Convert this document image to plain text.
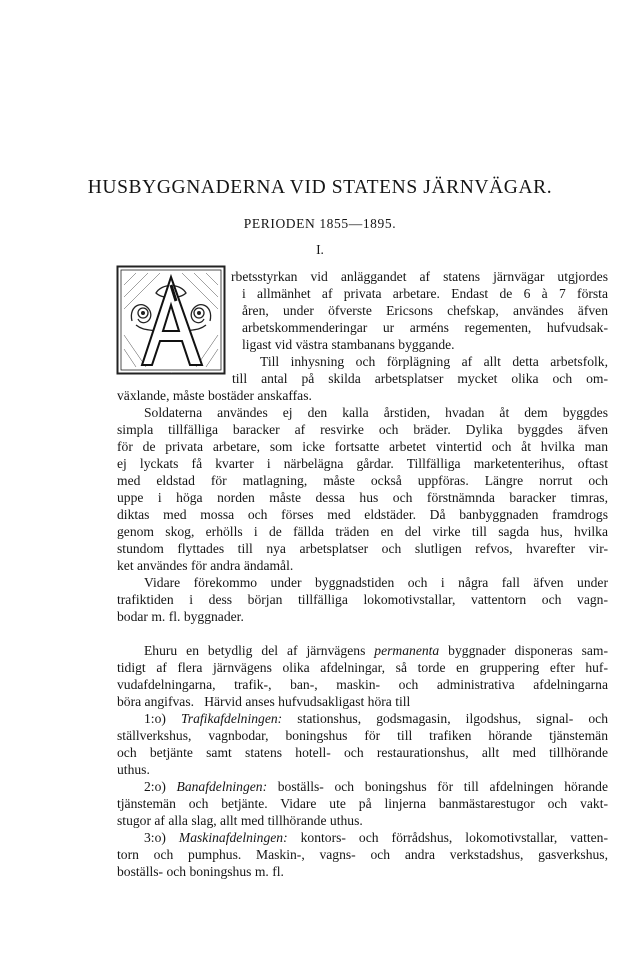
HUSBYGGNADERNA VID STATENS JÄRNVÄGAR.
PERIODEN 1855—1895.
I.
A
rbetsstyrkan vid anläggandet af statens järnvägar utgjordes
i allmänhet af privata arbetare. Endast de 6 à 7 första
åren, under öfverste Ericsons chefskap, användes äfven
arbetskommenderingar ur arméns regementen, hufvudsak-
ligast vid västra stambanans byggande.
Till inhysning och förplägning af allt detta arbetsfolk,
till antal på skilda arbetsplatser mycket olika och om-
växlande, måste bostäder anskaffas.
Soldaterna användes ej den kalla årstiden, hvadan åt dem byggdes
simpla tillfälliga baracker af resvirke och bräder. Dylika byggdes äfven
för de privata arbetare, som icke fortsatte arbetet vintertid och åt hvilka man
ej lyckats få kvarter i närbelägna gårdar. Tillfälliga marketenterihus, oftast
med eldstad för matlagning, måste också uppföras. Längre norrut och
uppe i höga norden måste dessa hus och förstnämnda baracker timras,
diktas med mossa och förses med eldstäder. Då banbyggnaden framdrogs
genom skog, erhölls i de fällda träden en del virke till sagda hus, hvilka
stundom flyttades till nya arbetsplatser och slutligen refvos, hvarefter vir-
ket användes för andra ändamål.
Vidare förekommo under byggnadstiden och i några fall äfven under
trafiktiden i dess början tillfälliga lokomotivstallar, vattentorn och vagn-
bodar m. fl. byggnader.
Ehuru en betydlig del af järnvägens permanenta byggnader disponeras sam-
tidigt af flera järnvägens olika afdelningar, så torde en gruppering efter huf-
vudafdelningarna, trafik-, ban-, maskin- och administrativa afdelningarna
böra angifvas.   Härvid anses hufvudsakligast höra till
1:o) Trafikafdelningen: stationshus, godsmagasin, ilgodshus, signal- och
ställverkshus, vagnbodar, boningshus för till trafiken hörande tjänstemän
och betjänte samt statens hotell- och restaurationshus, allt med tillhörande
uthus.
2:o) Banafdelningen: boställs- och boningshus för till afdelningen hörande
tjänstemän och betjänte. Vidare ute på linjerna banmästarestugor och vakt-
stugor af alla slag, allt med tillhörande uthus.
3:o) Maskinafdelningen: kontors- och förrådshus, lokomotivstallar, vatten-
torn och pumphus. Maskin-, vagns- och andra verkstadshus, gasverkshus,
boställs- och boningshus m. fl.
